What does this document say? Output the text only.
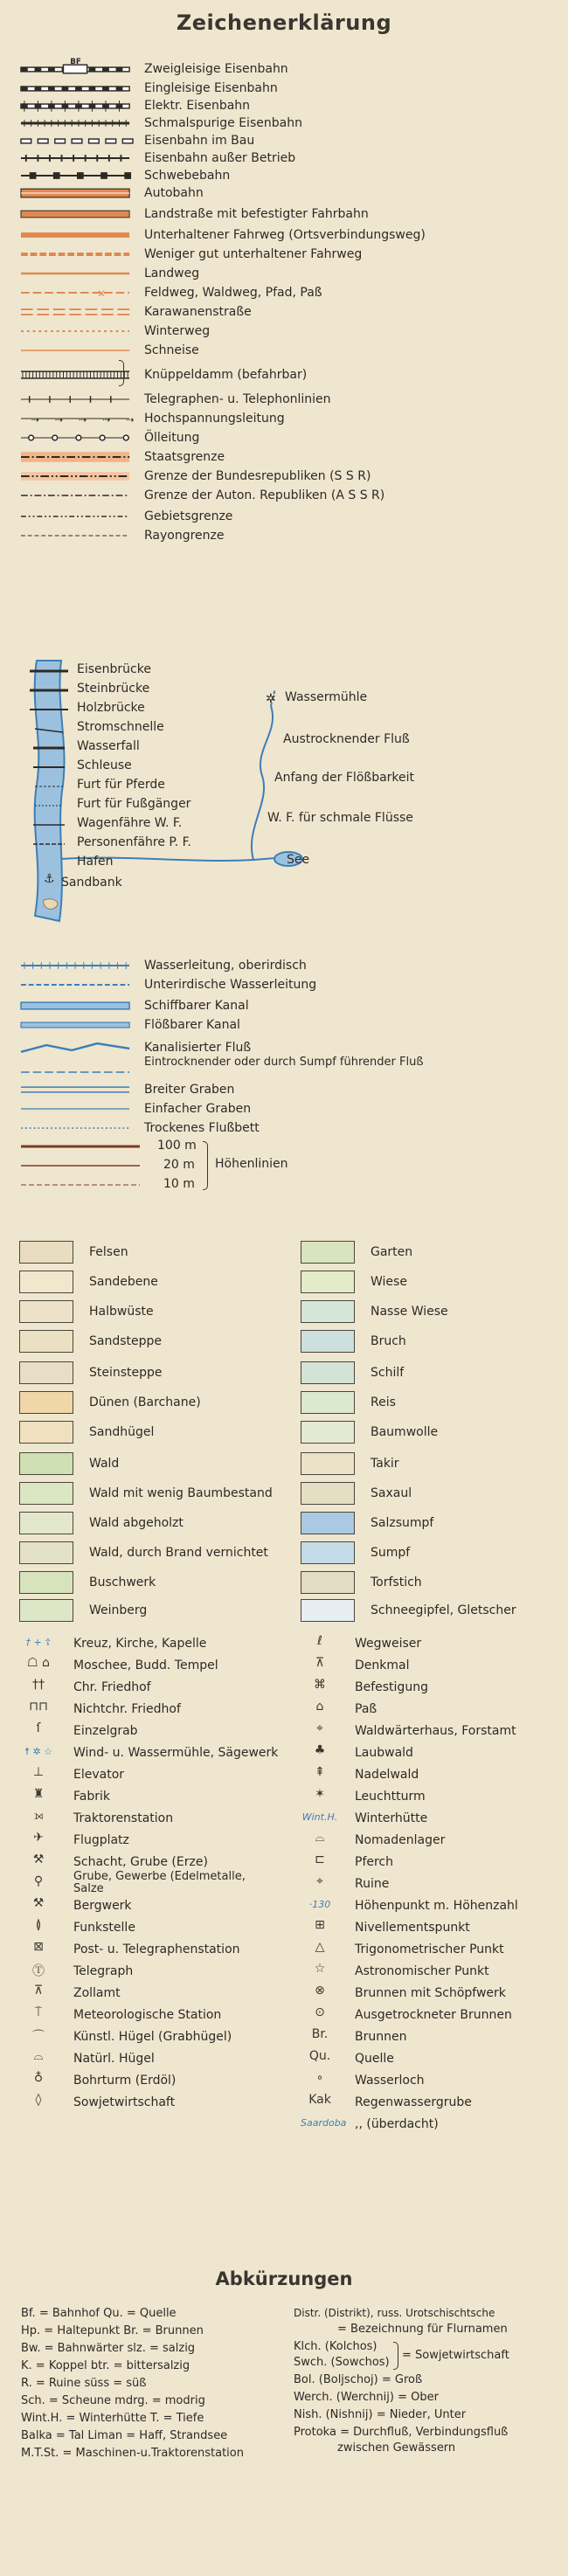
Zeichenerklärung
BF	Zweigleisige Eisenbahn
Eingleisige Eisenbahn
Elektr. Eisenbahn
Schmalspurige Eisenbahn
Eisenbahn im Bau
Eisenbahn außer Betrieb
Schwebebahn
Autobahn
Landstraße mit befestigter Fahrbahn
Unterhaltener Fahrweg (Ortsverbindungsweg)
Weniger gut unterhaltener Fahrweg
Landweg
✕	Feldweg, Waldweg, Pfad, Paß
Karawanenstraße
Winterweg
Schneise
Knüppeldamm (befahrbar)
Telegraphen- u. Telephonlinien
⇢ ⇢ ⇢ ⇢ ⇢ Hochspannungsleitung
Ölleitung
Staatsgrenze
Grenze der Bundesrepubliken (S S R)
Grenze der Auton. Republiken (A S S R)
Gebietsgrenze
Rayongrenze
⚓
✲
Eisenbrücke
Steinbrücke
Holzbrücke
Stromschnelle
Wasserfall
Schleuse
Furt für Pferde
Furt für Fußgänger
Wagenfähre W. F.
Personenfähre P. F.
Hafen
Sandbank
Wassermühle
Austrocknender Fluß
Anfang der Flößbarkeit
W. F. für schmale Flüsse
See
Wasserleitung, oberirdisch
Unterirdische Wasserleitung
Schiffbarer Kanal
Flößbarer Kanal
Kanalisierter Fluß
Eintrocknender oder durch Sumpf führender Fluß
Breiter Graben
Einfacher Graben
Trockenes Flußbett
100 m
20 m
10 m
Höhenlinien
Felsen
Sandebene
Halbwüste
Sandsteppe
Steinsteppe
Dünen (Barchane)
Sandhügel
Wald
Wald mit wenig Baumbestand
Wald abgeholzt
Wald, durch Brand vernichtet
Buschwerk
Weinberg
Garten
Wiese
Nasse Wiese
Bruch
Schilf
Reis
Baumwolle
Takir
Saxaul
Salzsumpf
Sumpf
Torfstich
Schneegipfel, Gletscher
† + ☦	Kreuz, Kirche, Kapelle
☖ ⌂	Moschee, Budd. Tempel
††	Chr. Friedhof
⊓⊓	Nichtchr. Friedhof
ſ	Einzelgrab
☨ ✲ ☆	Wind- u. Wassermühle, Sägewerk
⊥	Elevator
♜	Fabrik
⟕	Traktorenstation
✈	Flugplatz
⚒	Schacht, Grube (Erze)
⚲	Grube, Gewerbe (Edelmetalle, Salze
⚒	Bergwerk
≬	Funkstelle
⊠	Post- u. Telegraphenstation
Ⓣ	Telegraph
⊼	Zollamt
⍑	Meteorologische Station
⌒	Künstl. Hügel (Grabhügel)
⌓	Natürl. Hügel
♁	Bohrturm (Erdöl)
◊	Sowjetwirtschaft
ℓ	Wegweiser
⊼	Denkmal
⌘	Befestigung
⌂	Paß
⌖	Waldwärterhaus, Forstamt
♣	Laubwald
⇞	Nadelwald
✶	Leuchtturm
Wint.H. Winterhütte
⌓	Nomadenlager
⊏	Pferch
⌖	Ruine
·130	Höhenpunkt m. Höhenzahl
⊞	Nivellementspunkt
△	Trigonometrischer Punkt
☆	Astronomischer Punkt
⊗	Brunnen mit Schöpfwerk
⊙	Ausgetrockneter Brunnen
Br.	Brunnen
Qu.	Quelle
∘	Wasserloch
Kak	Regenwassergrube
Saardoba ,, (überdacht)
Abkürzungen
Bf. = Bahnhof Qu. = Quelle
Hp. = Haltepunkt Br. = Brunnen
Bw. = Bahnwärter slz. = salzig
K. = Koppel btr. = bittersalzig
R. = Ruine süss = süß
Sch. = Scheune mdrg. = modrig
Wint.H. = Winterhütte T. = Tiefe
Balka = Tal Liman = Haff, Strandsee
M.T.St. = Maschinen-u.Traktorenstation
Distr. (Distrikt), russ. Urotschischtsche
= Bezeichnung für Flurnamen
Klch. (Kolchos)
Swch. (Sowchos)
= Sowjetwirtschaft
Bol. (Boljschoj) = Groß
Werch. (Werchnij) = Ober
Nish. (Nishnij) = Nieder, Unter
Protoka = Durchfluß, Verbindungsfluß
zwischen Gewässern
